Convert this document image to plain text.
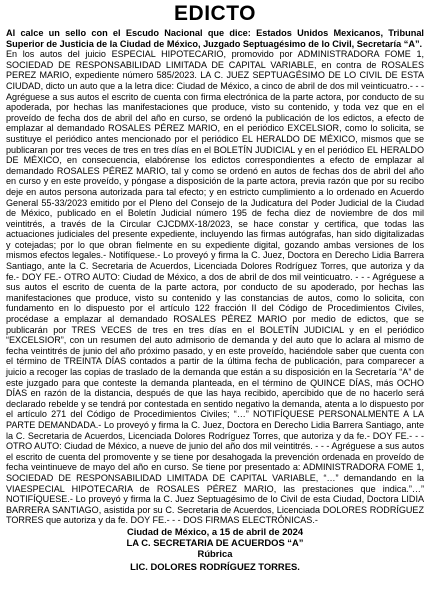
EDICTO

Al calce un sello con el Escudo Nacional que dice: Estados Unidos Mexicanos, Tribunal Superior de Justicia de la Ciudad de México, Juzgado Septuagésimo de lo Civil, Secretaría “A”.

En los autos del juicio ESPECIAL HIPOTECARIO, promovido por ADMINISTRADORA FOME 1, SOCIEDAD DE RESPONSABILIDAD LIMITADA DE CAPITAL VARIABLE, en contra de ROSALES PEREZ MARIO, expediente número 585/2023. LA C. JUEZ SEPTUAGÉSIMO DE LO CIVIL DE ESTA CIUDAD, dicto un auto que a la letra dice: Ciudad de México, a cinco de abril de dos mil veinticuatro.- - - Agréguese a sus autos el escrito de cuenta con firma electrónica de la parte actora, por conducto de su apoderada, por hechas las manifestaciones que produce, visto su contenido, y toda vez que en el proveído de fecha dos de abril del año en curso, se ordenó la publicación de los edictos, a efecto de emplazar al demandado ROSALES PÉREZ MARIO, en el periódico EXCELSIOR, como lo solicita, se sustituye el periódico antes mencionado por el periódico EL HERALDO DE MÉXICO, mismos que se publicaran por tres veces de tres en tres días en el BOLETÍN JUDICIAL y en el periódico EL HERALDO DE MÉXICO, en consecuencia, elabórense los edictos correspondientes a efecto de emplazar al demandado ROSALES PÉREZ MARIO, tal y como se ordenó en autos de fechas dos de abril del año en curso y en este proveído, y póngase a disposición de la parte actora, previa razón que por su recibo deje en autos persona autorizada para tal efecto; y en estricto cumplimiento a lo ordenado en Acuerdo General 55-33/2023 emitido por el Pleno del Consejo de la Judicatura del Poder Judicial de la Ciudad de México, publicado en el Boletín Judicial número 195 de fecha diez de noviembre de dos mil veintitrés, a través de la Circular CJCDMX-18/2023, se hace constar y certifica, que todas las actuaciones judiciales del presente expediente, incluyendo las firmas autógrafas, han sido digitalizadas y cotejadas; por lo que obran fielmente en su expediente digital, gozando ambas versiones de los mismos efectos legales.- Notifíquese.- Lo proveyó y firma la C. Juez, Doctora en Derecho Lidia Barrera Santiago, ante la C. Secretaria de Acuerdos, Licenciada Dolores Rodríguez Torres, que autoriza y da fe.- DOY FE.- OTRO AUTO: Ciudad de México, a dos de abril de dos mil veinticuatro. - - - Agréguese a sus autos el escrito de cuenta de la parte actora, por conducto de su apoderado, por hechas las manifestaciones que produce, visto su contenido y las constancias de autos, como lo solicita, con fundamento en lo dispuesto por el artículo 122 fracción II del Código de Procedimientos Civiles, procédase a emplazar al demandado ROSALES PÉREZ MARIO por medio de edictos, que se publicarán por TRES VECES de tres en tres días en el BOLETÍN JUDICIAL y en el periódico “EXCELSIOR”, con un resumen del auto admisorio de demanda y del auto que lo aclara al mismo de fecha veintitrés de junio del año próximo pasado, y en este proveído, haciéndole saber que cuenta con el término de TREINTA DÍAS contados a partir de la última fecha de publicación, para comparecer a juicio a recoger las copias de traslado de la demanda que están a su disposición en la Secretaría “A” de este juzgado para que conteste la demanda planteada, en el término de QUINCE DÍAS, más OCHO DÍAS en razón de la distancia, después de que las haya recibido, apercibido que de no hacerlo será declarado rebelde y se tendrá por contestada en sentido negativo la demanda, atenta a lo dispuesto por el artículo 271 del Código de Procedimientos Civiles; “…” NOTIFÍQUESE PERSONALMENTE A LA PARTE DEMANDADA.- Lo proveyó y firma la C. Juez, Doctora en Derecho Lidia Barrera Santiago, ante la C. Secretaria de Acuerdos, Licenciada Dolores Rodríguez Torres, que autoriza y da fe.- DOY FE.- - - OTRO AUTO: Ciudad de México, a nueve de junio del año dos mil veintitrés. - - - Agréguese a sus autos el escrito de cuenta del promovente y se tiene por desahogada la prevención ordenada en proveído de fecha veintinueve de mayo del año en curso. Se tiene por presentado a: ADMINISTRADORA FOME 1, SOCIEDAD DE RESPONSABILIDAD LIMITADA DE CAPITAL VARIABLE, “…” demandando en la VIAESPECIAL HIPOTECARIA de ROSALES PÉREZ MARIO, las prestaciones que indica.”…” NOTIFÍQUESE.- Lo proveyó y firma la C. Juez Septuagésimo de lo Civil de esta Ciudad, Doctora LIDIA BARRERA SANTIAGO, asistida por su C. Secretaria de Acuerdos, Licenciada DOLORES RODRÍGUEZ TORRES que autoriza y da fe. DOY FE.- - - DOS FIRMAS ELECTRÓNICAS.-

Ciudad de México, a 15 de abril de 2024

LA C. SECRETARIA DE ACUERDOS “A”

Rúbrica

LIC. DOLORES RODRÍGUEZ TORRES.
